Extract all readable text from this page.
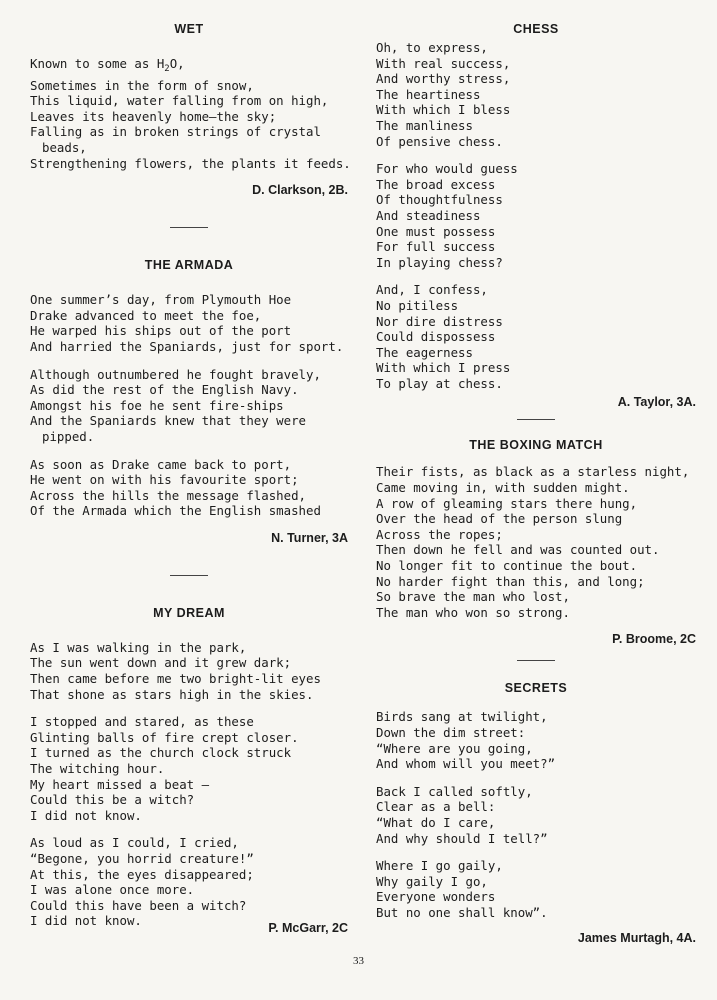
WET
Known to some as $H_2O$,
Sometimes in the form of snow,
This liquid, water falling from on high,
Leaves its heavenly home—the sky;
Falling as in broken strings of crystal
beads,
Strengthening flowers, the plants it feeds.
D. Clarkson, 2B.
THE ARMADA
One summer’s day, from Plymouth Hoe
Drake advanced to meet the foe,
He warped his ships out of the port
And harried the Spaniards, just for sport.
Although outnumbered he fought bravely,
As did the rest of the English Navy.
Amongst his foe he sent fire-ships
And the Spaniards knew that they were
pipped.
As soon as Drake came back to port,
He went on with his favourite sport;
Across the hills the message flashed,
Of the Armada which the English smashed
N. Turner, 3A
MY DREAM
As I was walking in the park,
The sun went down and it grew dark;
Then came before me two bright-lit eyes
That shone as stars high in the skies.
I stopped and stared, as these
Glinting balls of fire crept closer.
I turned as the church clock struck
The witching hour.
My heart missed a beat —
Could this be a witch?
I did not know.
As loud as I could, I cried,
“Begone, you horrid creature!”
At this, the eyes disappeared;
I was alone once more.
Could this have been a witch?
I did not know.	P. McGarr, 2C
CHESS
Oh, to express,
With real success,
And worthy stress,
The heartiness
With which I bless
The manliness
Of pensive chess.
For who would guess
The broad excess
Of thoughtfulness
And steadiness
One must possess
For full success
In playing chess?
And, I confess,
No pitiless
Nor dire distress
Could dispossess
The eagerness
With which I press
To play at chess.
A. Taylor, 3A.
THE BOXING MATCH
Their fists, as black as a starless night,
Came moving in, with sudden might.
A row of gleaming stars there hung,
Over the head of the person slung
Across the ropes;
Then down he fell and was counted out.
No longer fit to continue the bout.
No harder fight than this, and long;
So brave the man who lost,
The man who won so strong.
P. Broome, 2C
SECRETS
Birds sang at twilight,
Down the dim street:
“Where are you going,
And whom will you meet?”
Back I called softly,
Clear as a bell:
“What do I care,
And why should I tell?”
Where I go gaily,
Why gaily I go,
Everyone wonders
But no one shall know”.
James Murtagh, 4A.
33
